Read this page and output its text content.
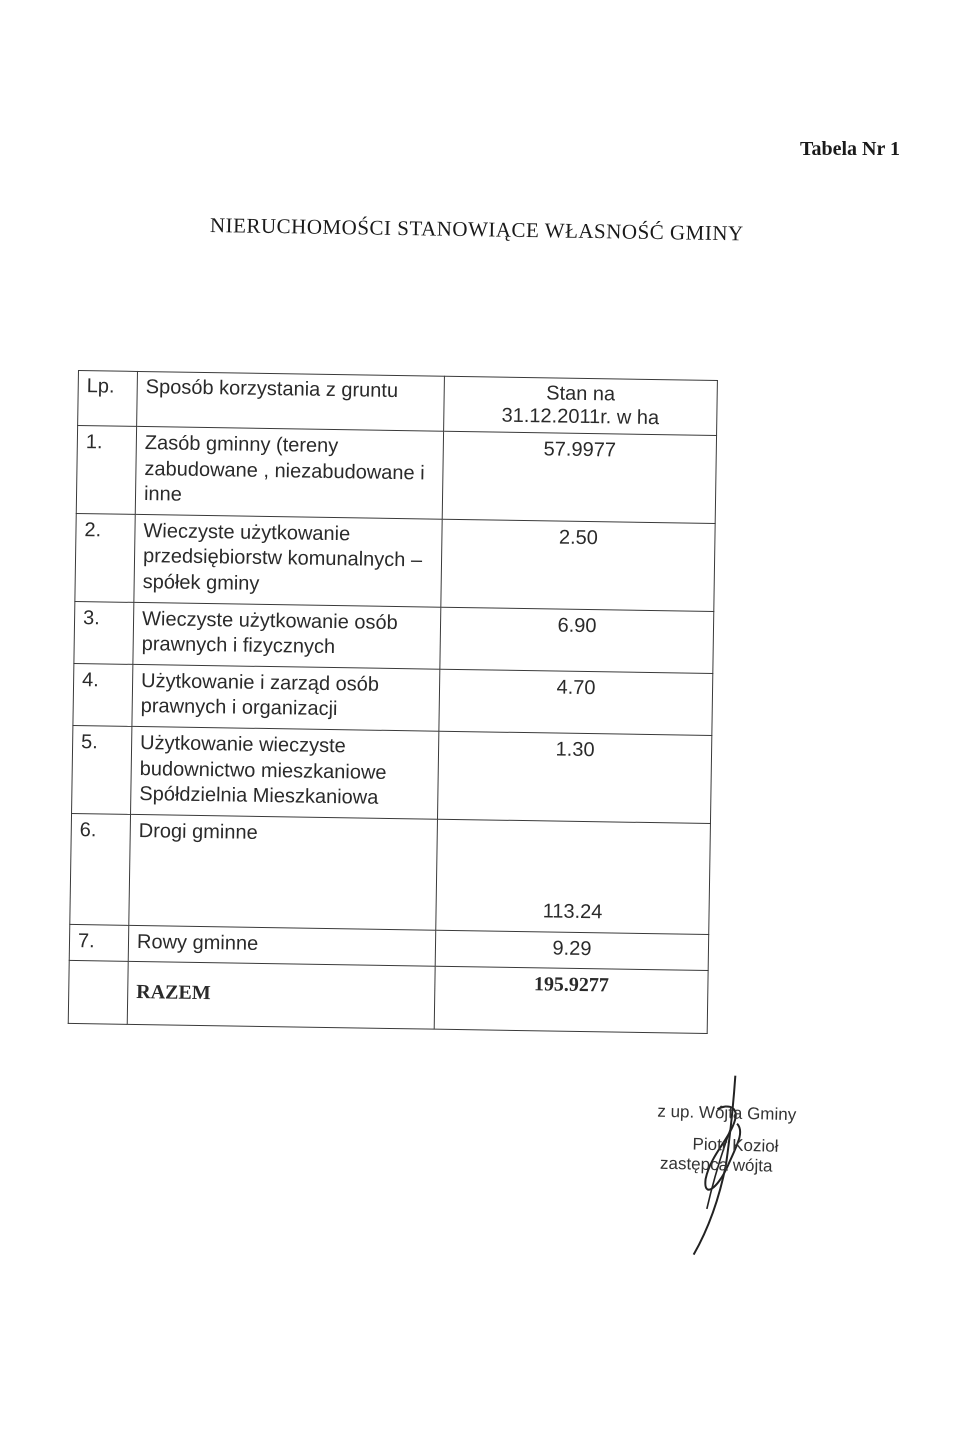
Tabela Nr 1
NIERUCHOMOŚCI STANOWIĄCE WŁASNOŚĆ GMINY
Lp.	Sposób korzystania z gruntu	Stan na
31.12.2011r. w ha

1.	Zasób gminny (tereny zabudowane , niezabudowane i inne	57.9977
2.	Wieczyste użytkowanie przedsiębiorstw komunalnych – spółek gminy	2.50
3.	Wieczyste użytkowanie osób prawnych i fizycznych	6.90
4.	Użytkowanie i zarząd osób prawnych i organizacji	4.70
5.	Użytkowanie wieczyste budownictwo mieszkaniowe Spółdzielnia Mieszkaniowa	1.30
6.	Drogi gminne	113.24
7.	Rowy gminne	9.29
	RAZEM	195.9277
z up. Wójta Gminy
Piotr Kozioł
zastępca wójta
